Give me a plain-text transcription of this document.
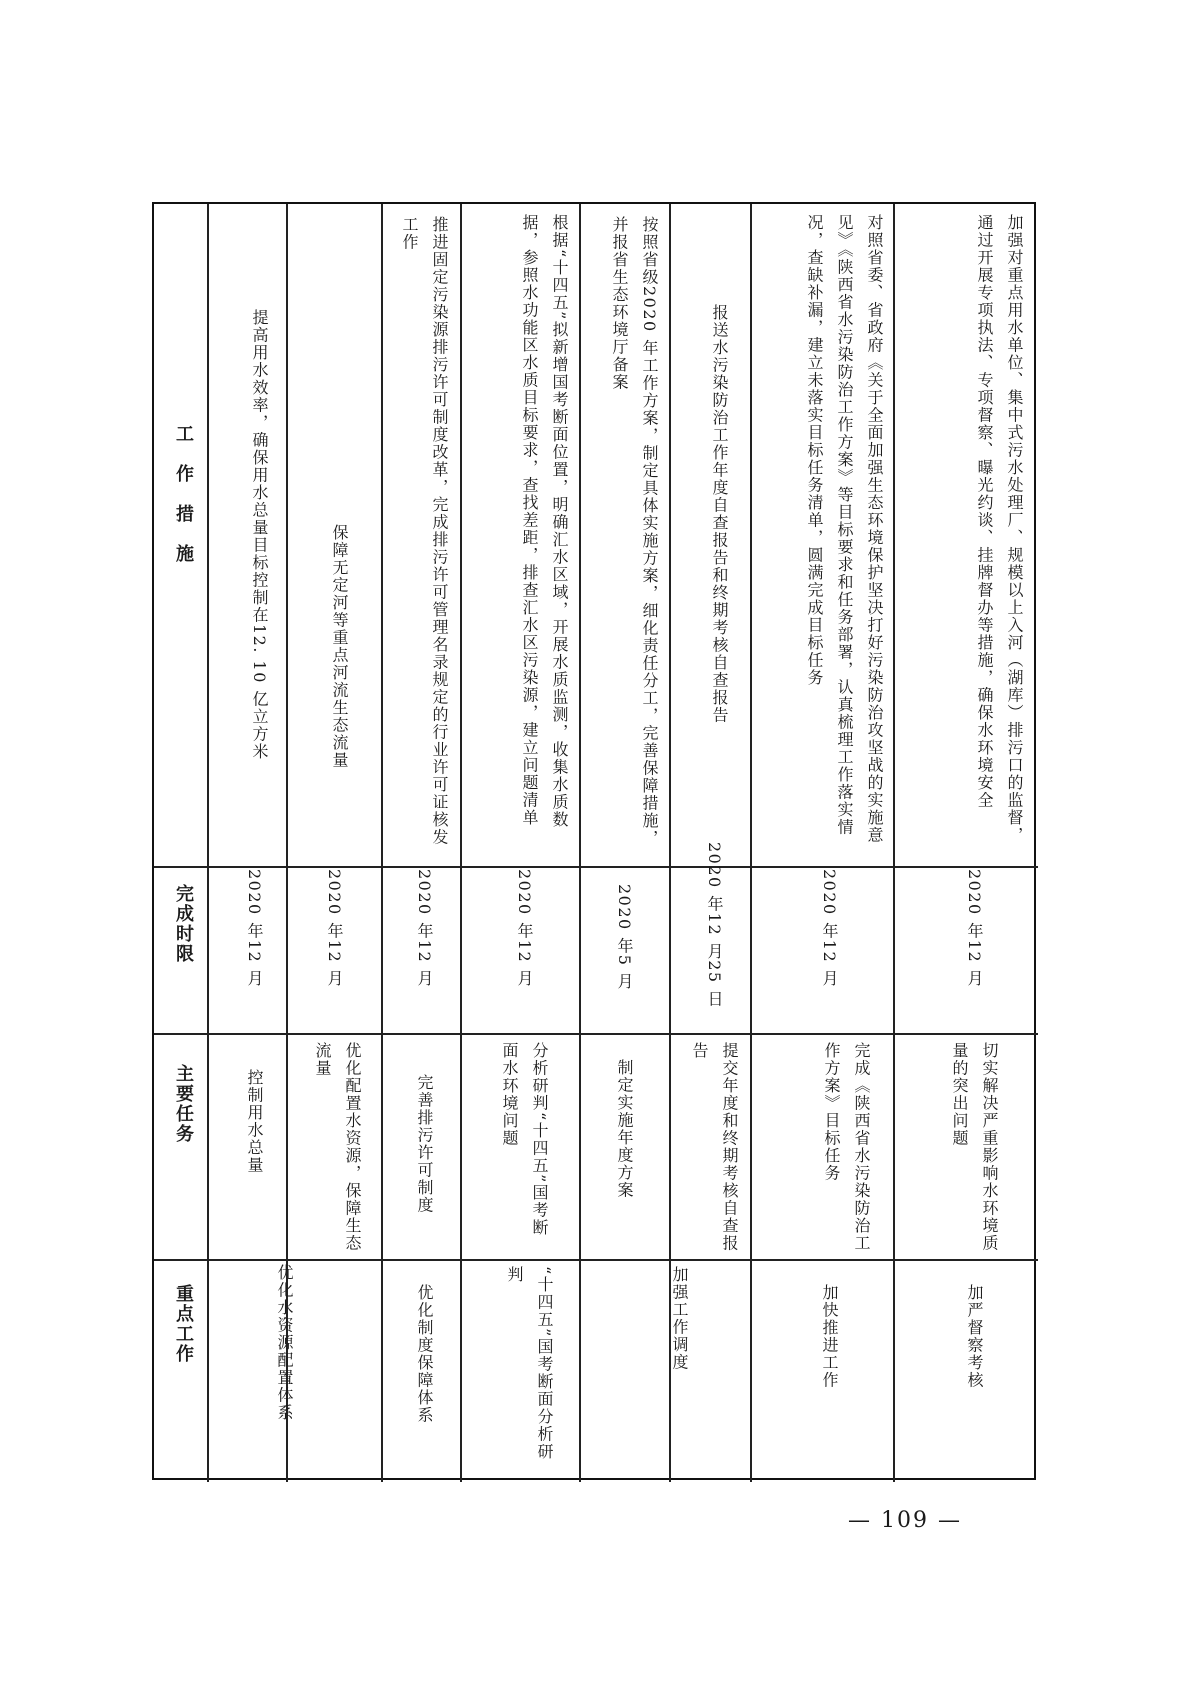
工　作　措　施
完成时限
主要任务
重点工作
提高用水效率，确保用水总量目标控制在12. 10 亿立方米
2020 年12 月
控制用水总量
保障无定河等重点河流生态流量
2020 年12 月
优化配置水资源，保障生态流量
优化水资源配置体系
推进固定污染源排污许可制度改革，完成排污许可管理名录规定的行业许可证核发工作
2020 年12 月
完善排污许可制度
优化制度保障体系
根据“十四五”拟新增国考断面位置，明确汇水区域，开展水质监测，收集水质数据，参照水功能区水质目标要求，查找差距，排查汇水区污染源，建立问题清单
2020 年12 月
分析研判“十四五”国考断面水环境问题
“十四五”国考断面分析研判
按照省级2020 年工作方案，制定具体实施方案，细化责任分工，完善保障措施，并报省生态环境厅备案
2020 年5 月
制定实施年度方案
报送水污染防治工作年度自查报告和终期考核自查报告
2020 年12 月25 日
提交年度和终期考核自查报告
加强工作调度
对照省委、省政府《关于全面加强生态环境保护坚决打好污染防治攻坚战的实施意见》《陕西省水污染防治工作方案》等目标要求和任务部署，认真梳理工作落实情况，查缺补漏，建立未落实目标任务清单，圆满完成目标任务
2020 年12 月
完成《陕西省水污染防治工作方案》目标任务
加快推进工作
加强对重点用水单位、集中式污水处理厂、规模以上入河（湖库）排污口的监督，通过开展专项执法、专项督察、曝光约谈、挂牌督办等措施，确保水环境安全
2020 年12 月
切实解决严重影响水环境质量的突出问题
加严督察考核
— 109 —
